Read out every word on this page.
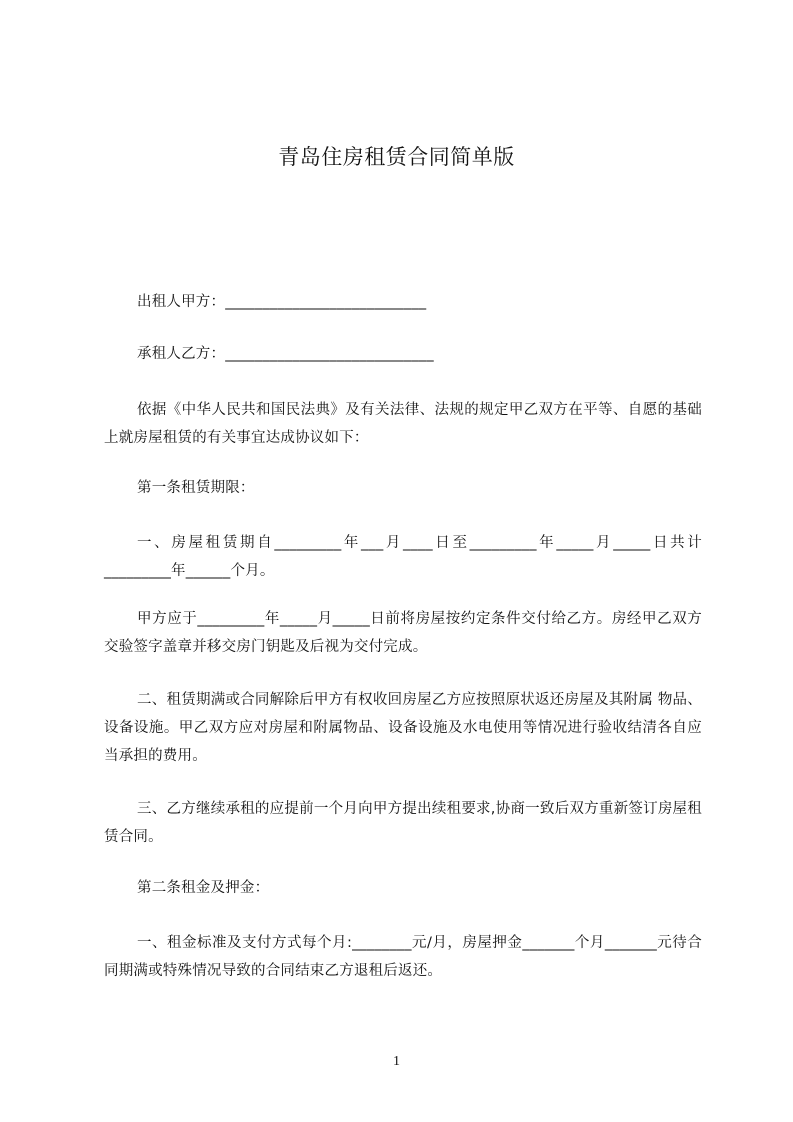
青岛住房租赁合同简单版
出租人甲方：___________________________
承租人乙方：____________________________
依据《中华人民共和国民法典》及有关法律、法规的规定甲乙双方在平等、自愿的基础上就房屋租赁的有关事宜达成协议如下：
第一条租赁期限：
一、房屋租赁期自_________年___月____日至_________年_____月_____日共计_________年______个月。
甲方应于_________年_____月_____日前将房屋按约定条件交付给乙方。房经甲乙双方交验签字盖章并移交房门钥匙及后视为交付完成。
二、租赁期满或合同解除后甲方有权收回房屋乙方应按照原状返还房屋及其附属 物品、设备设施。甲乙双方应对房屋和附属物品、设备设施及水电使用等情况进行验收结清各自应当承担的费用。
三、乙方继续承租的应提前一个月向甲方提出续租要求,协商一致后双方重新签订房屋租赁合同。
第二条租金及押金：
一、租金标准及支付方式每个月:________元/月，房屋押金_______个月_______元待合同期满或特殊情况导致的合同结束乙方退租后返还。
1
